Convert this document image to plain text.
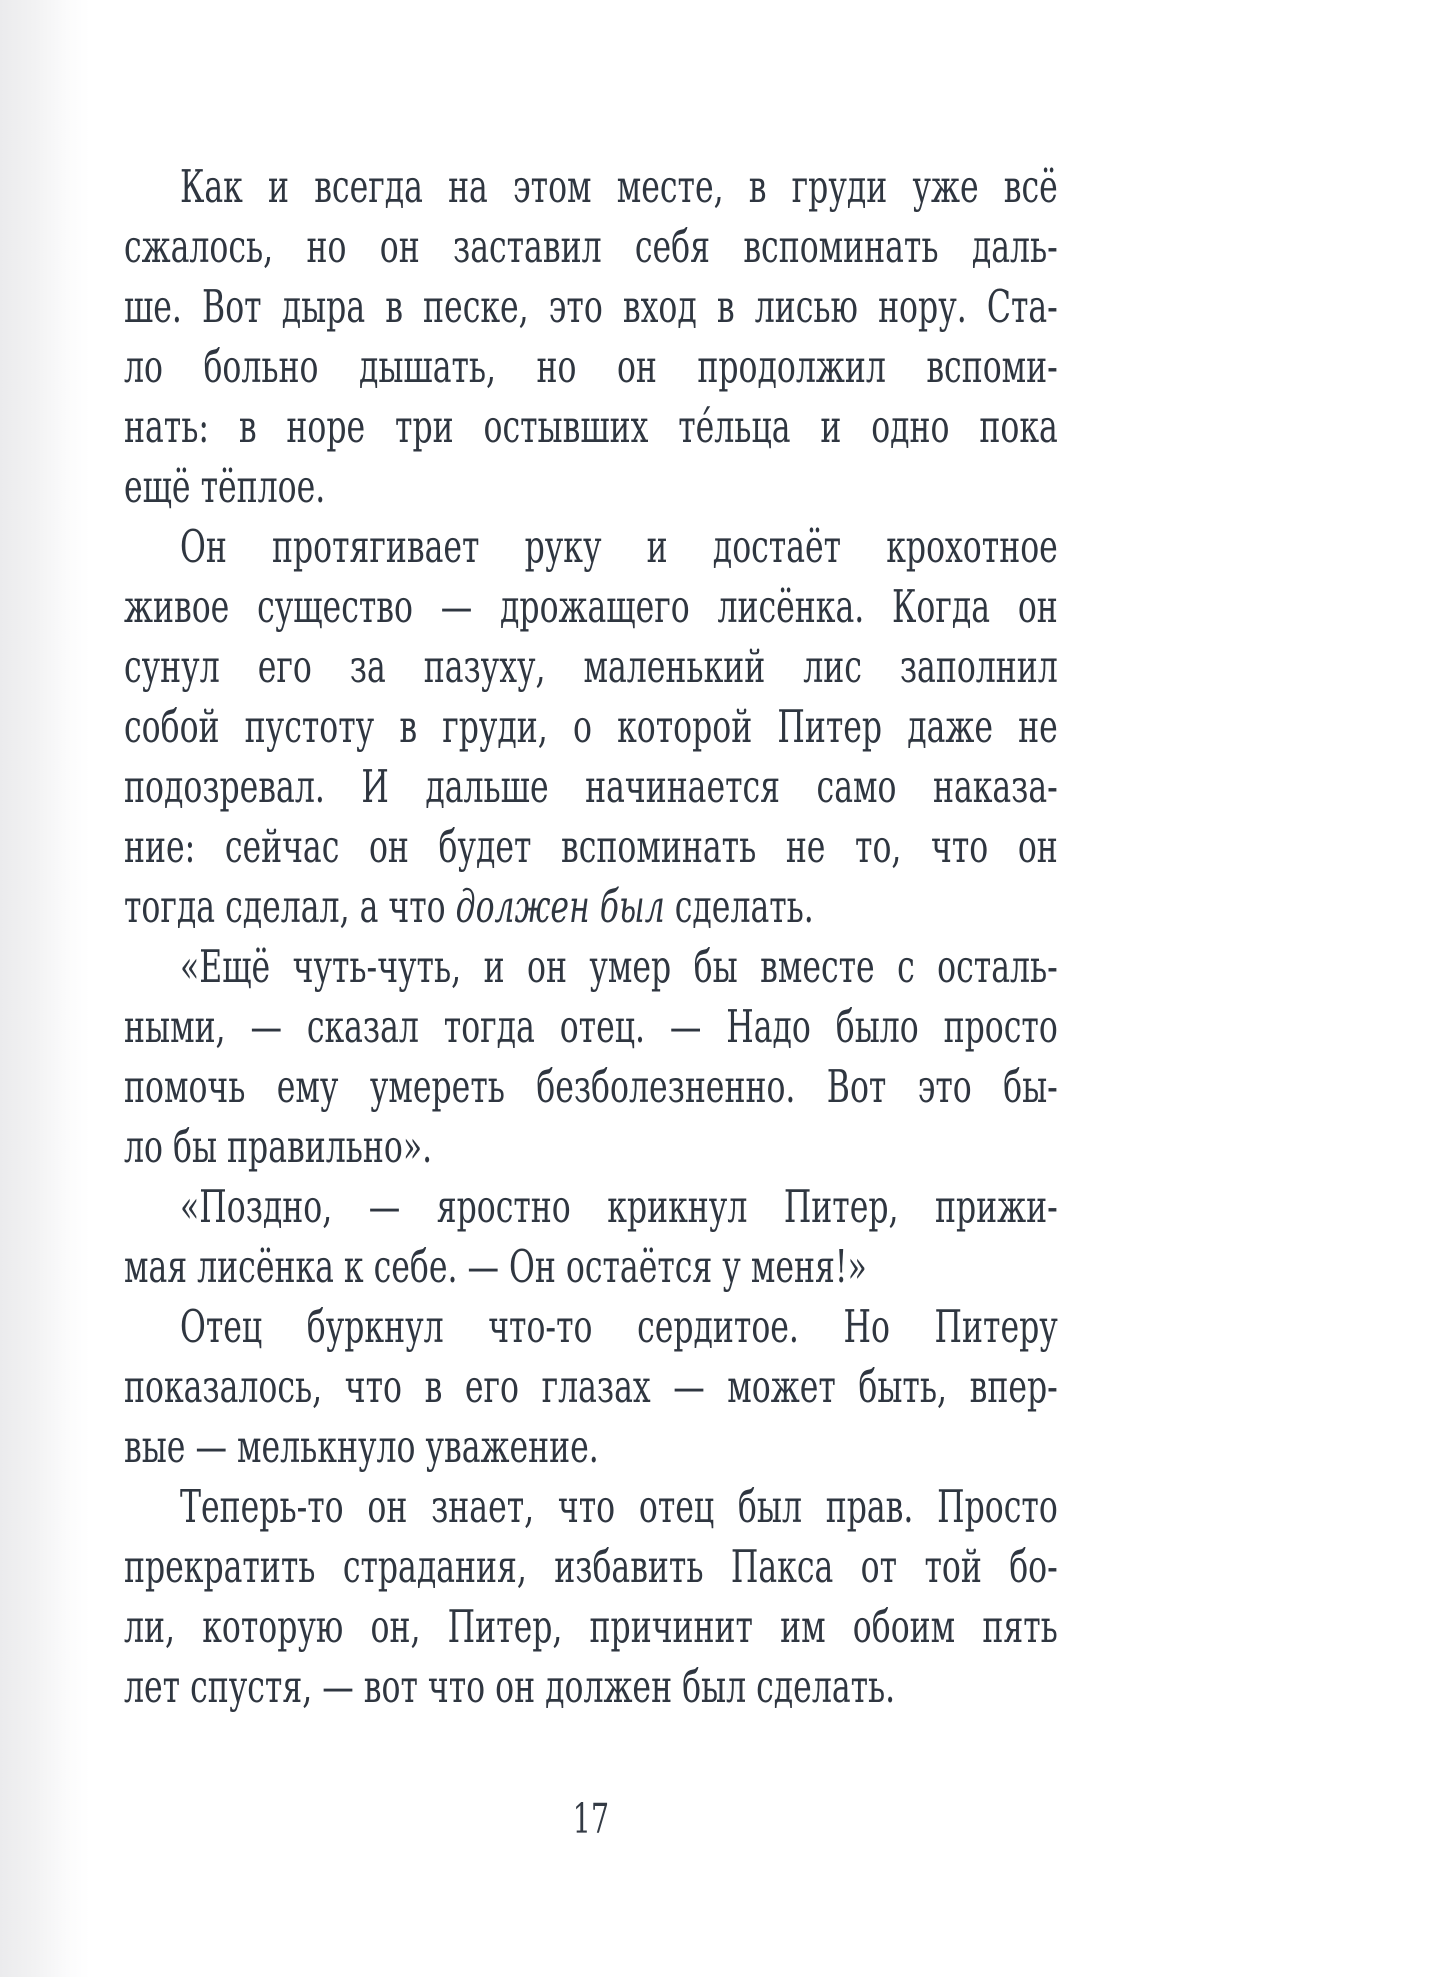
Как и всегда на этом месте, в груди уже всё
сжалось, но он заставил себя вспоминать даль-
ше. Вот дыра в песке, это вход в лисью нору. Ста-
ло больно дышать, но он продолжил вспоми-
нать: в норе три остывших те́льца и одно пока
ещё тёплое.
Он протягивает руку и достаёт крохотное
живое существо — дрожащего лисёнка. Когда он
сунул его за пазуху, маленький лис заполнил
собой пустоту в груди, о которой Питер даже не
подозревал. И дальше начинается само наказа-
ние: сейчас он будет вспоминать не то, что он
тогда сделал, а что должен был сделать.
«Ещё чуть-чуть, и он умер бы вместе с осталь-
ными, — сказал тогда отец. — Надо было просто
помочь ему умереть безболезненно. Вот это бы-
ло бы правильно».
«Поздно, — яростно крикнул Питер, прижи-
мая лисёнка к себе. — Он остаётся у меня!»
Отец буркнул что-то сердитое. Но Питеру
показалось, что в его глазах — может быть, впер-
вые — мелькнуло уважение.
Теперь-то он знает, что отец был прав. Просто
прекратить страдания, избавить Пакса от той бо-
ли, которую он, Питер, причинит им обоим пять
лет спустя, — вот что он должен был сделать.
17
